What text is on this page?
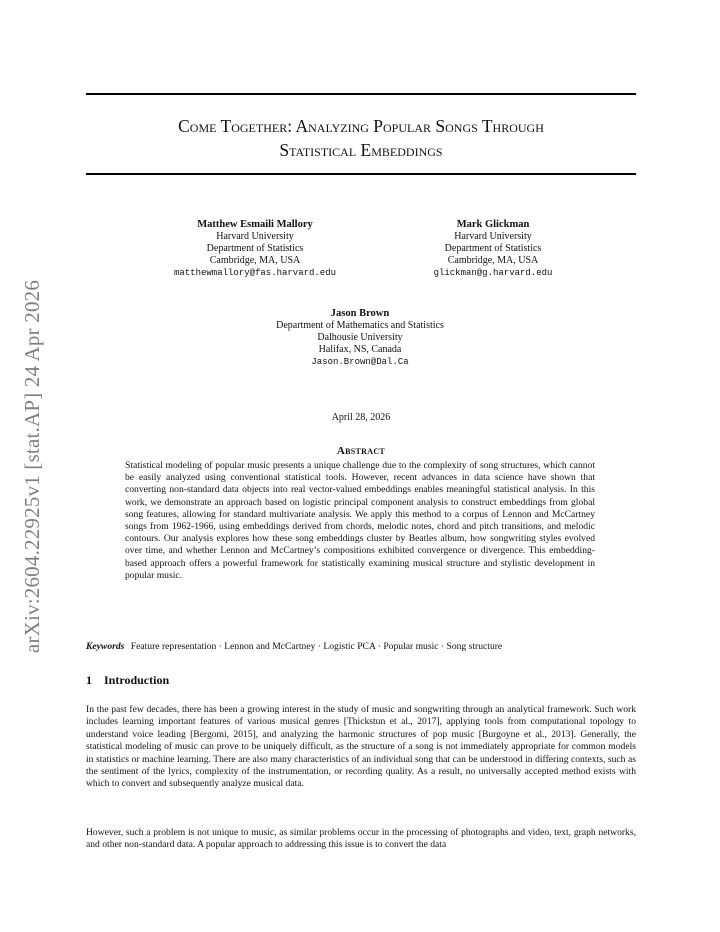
arXiv:2604.22925v1 [stat.AP] 24 Apr 2026
Come Together: Analyzing Popular Songs Through
Statistical Embeddings
Matthew Esmaili Mallory
Harvard University
Department of Statistics
Cambridge, MA, USA
matthewmallory@fas.harvard.edu
Mark Glickman
Harvard University
Department of Statistics
Cambridge, MA, USA
glickman@g.harvard.edu
Jason Brown
Department of Mathematics and Statistics
Dalhousie University
Halifax, NS, Canada
Jason.Brown@Dal.Ca
April 28, 2026
Abstract

Statistical modeling of popular music presents a unique challenge due to the complexity of song structures, which cannot be easily analyzed using conventional statistical tools. However, recent advances in data science have shown that converting non-standard data objects into real vector-valued embeddings enables meaningful statistical analysis. In this work, we demonstrate an approach based on logistic principal component analysis to construct embeddings from global song features, allowing for standard multivariate analysis. We apply this method to a corpus of Lennon and McCartney songs from 1962-1966, using embeddings derived from chords, melodic notes, chord and pitch transitions, and melodic contours. Our analysis explores how these song embeddings cluster by Beatles album, how songwriting styles evolved over time, and whether Lennon and McCartney’s compositions exhibited convergence or divergence. This embedding-based approach offers a powerful framework for statistically examining musical structure and stylistic development in popular music.

Keywords Feature representation · Lennon and McCartney · Logistic PCA · Popular music · Song structure
1 Introduction

In the past few decades, there has been a growing interest in the study of music and songwriting through an analytical framework. Such work includes learning important features of various musical genres [Thickstun et al., 2017], applying tools from computational topology to understand voice leading [Bergomi, 2015], and analyzing the harmonic structures of pop music [Burgoyne et al., 2013]. Generally, the statistical modeling of music can prove to be uniquely difficult, as the structure of a song is not immediately appropriate for common models in statistics or machine learning. There are also many characteristics of an individual song that can be understood in differing contexts, such as the sentiment of the lyrics, complexity of the instrumentation, or recording quality. As a result, no universally accepted method exists with which to convert and subsequently analyze musical data.

However, such a problem is not unique to music, as similar problems occur in the processing of photographs and video, text, graph networks, and other non-standard data. A popular approach to addressing this issue is to convert the data
